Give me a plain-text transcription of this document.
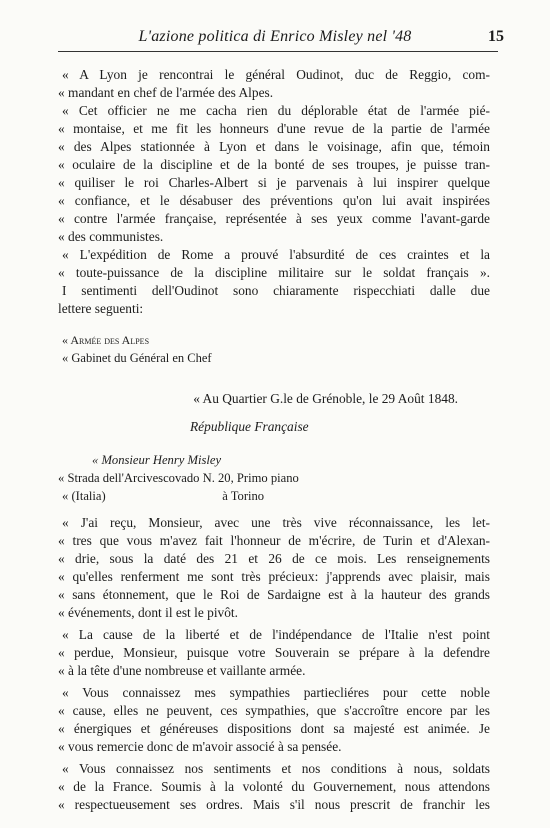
L'azione politica di Enrico Misley nel '48	15
« A Lyon je rencontrai le général Oudinot, duc de Reggio, com-
« mandant en chef de l'armée des Alpes.
« Cet officier ne me cacha rien du déplorable état de l'armée pié-
« montaise, et me fit les honneurs d'une revue de la partie de l'armée
« des Alpes stationnée à Lyon et dans le voisinage, afin que, témoin
« oculaire de la discipline et de la bonté de ses troupes, je puisse tran-
« quiliser le roi Charles-Albert si je parvenais à lui inspirer quelque
« confiance, et le désabuser des préventions qu'on lui avait inspirées
« contre l'armée française, représentée à ses yeux comme l'avant-garde
« des communistes.
« L'expédition de Rome a prouvé l'absurdité de ces craintes et la
« toute-puissance de la discipline militaire sur le soldat français ».
I sentimenti dell'Oudinot sono chiaramente rispecchiati dalle due
lettere seguenti:
« Armée des Alpes
« Gabinet du Général en Chef
« Au Quartier G.le de Grénoble, le 29 Août 1848.
République Française
« Monsieur Henry Misley
« Strada dell'Arcivescovado N. 20, Primo piano
« (Italia)                                     à Torino
« J'ai reçu, Monsieur, avec une très vive réconnaissance, les let-
« tres que vous m'avez fait l'honneur de m'écrire, de Turin et d'Alexan-
« drie, sous la daté des 21 et 26 de ce mois. Les renseignements
« qu'elles renferment me sont très précieux: j'apprends avec plaisir, mais
« sans étonnement, que le Roi de Sardaigne est à la hauteur des grands
« événements, dont il est le pivôt.
« La cause de la liberté et de l'indépendance de l'Italie n'est point
« perdue, Monsieur, puisque votre Souverain se prépare à la defendre
« à la tête d'une nombreuse et vaillante armée.
« Vous connaissez mes sympathies partiecliéres pour cette noble
« cause, elles ne peuvent, ces sympathies, que s'accroître encore par les
« énergiques et généreuses dispositions dont sa majesté est animée. Je
« vous remercie donc de m'avoir associé à sa pensée.
« Vous connaissez nos sentiments et nos conditions à nous, soldats
« de la France. Soumis à la volonté du Gouvernement, nous attendons
« respectueusement ses ordres. Mais s'il nous prescrit de franchir les
